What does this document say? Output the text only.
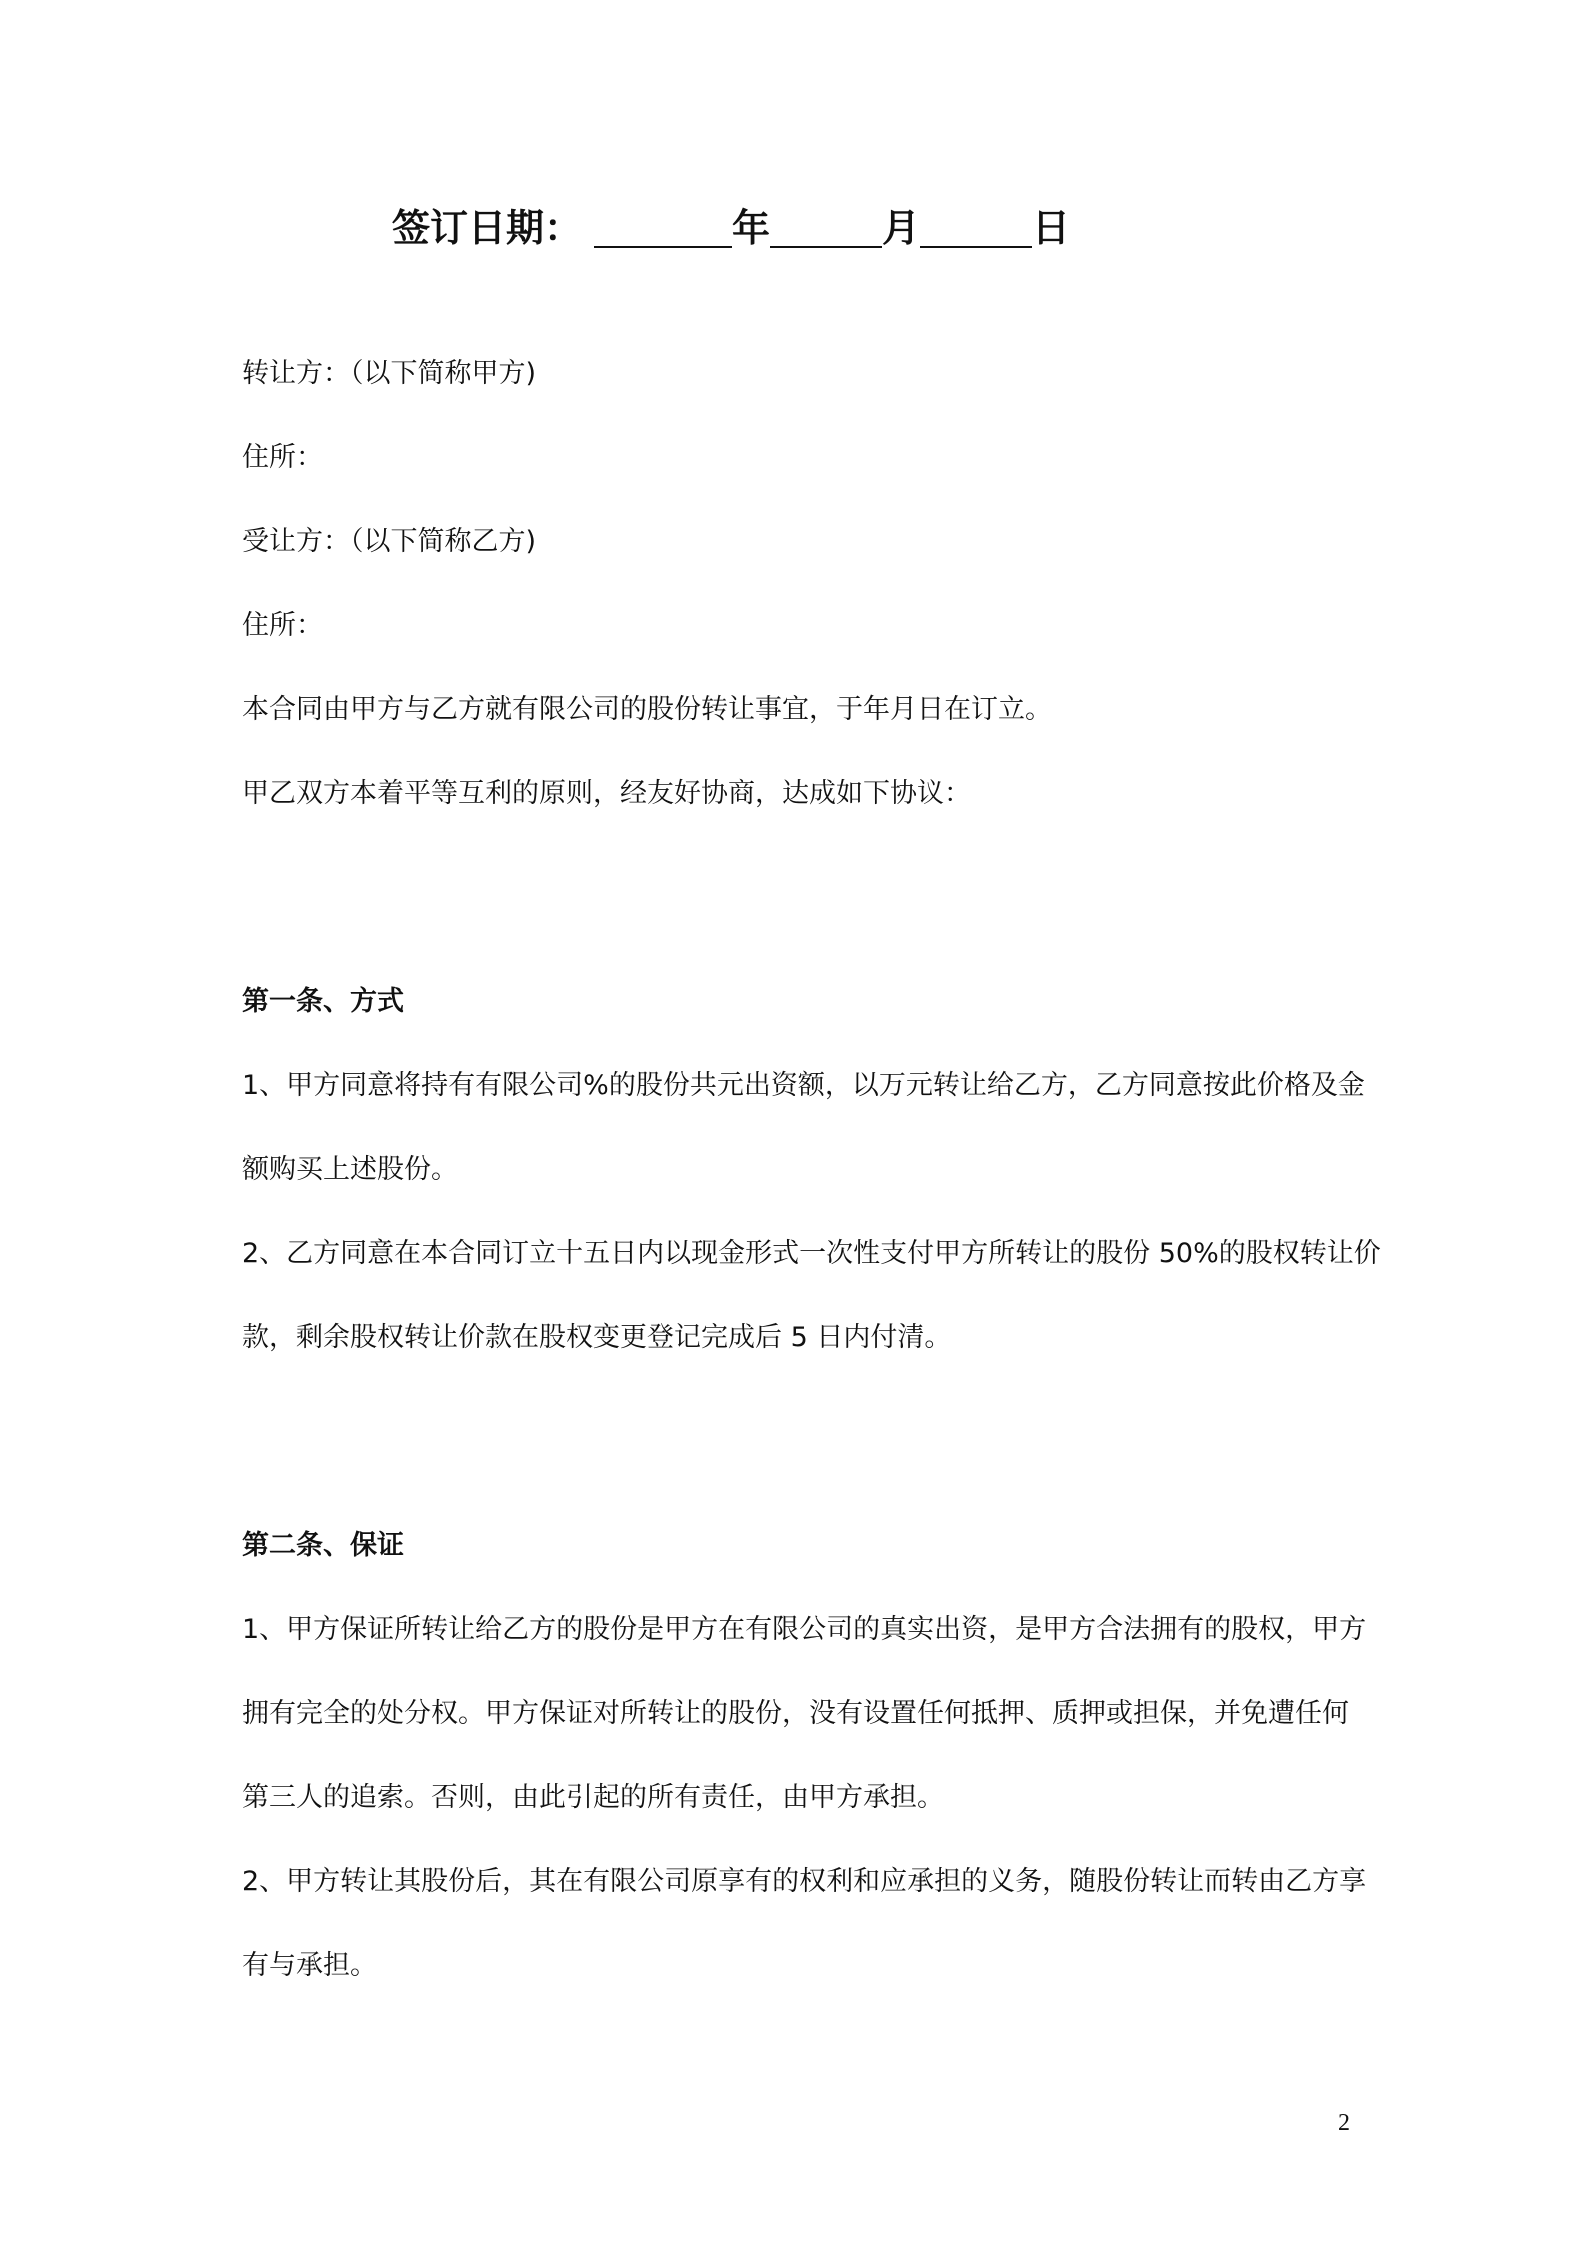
签订日期：	年	月	日
转让方：（以下简称甲方)
住所：
受让方：（以下简称乙方)
住所：
本合同由甲方与乙方就有限公司的股份转让事宜，于年月日在订立。
甲乙双方本着平等互利的原则，经友好协商，达成如下协议：
第一条、方式
1、甲方同意将持有有限公司%的股份共元出资额，以万元转让给乙方，乙方同意按此价格及金
额购买上述股份。
2、乙方同意在本合同订立十五日内以现金形式一次性支付甲方所转让的股份 50%的股权转让价
款，剩余股权转让价款在股权变更登记完成后 5 日内付清。
第二条、保证
1、甲方保证所转让给乙方的股份是甲方在有限公司的真实出资，是甲方合法拥有的股权，甲方
拥有完全的处分权。甲方保证对所转让的股份，没有设置任何抵押、质押或担保，并免遭任何
第三人的追索。否则，由此引起的所有责任，由甲方承担。
2、甲方转让其股份后，其在有限公司原享有的权利和应承担的义务，随股份转让而转由乙方享
有与承担。
2
